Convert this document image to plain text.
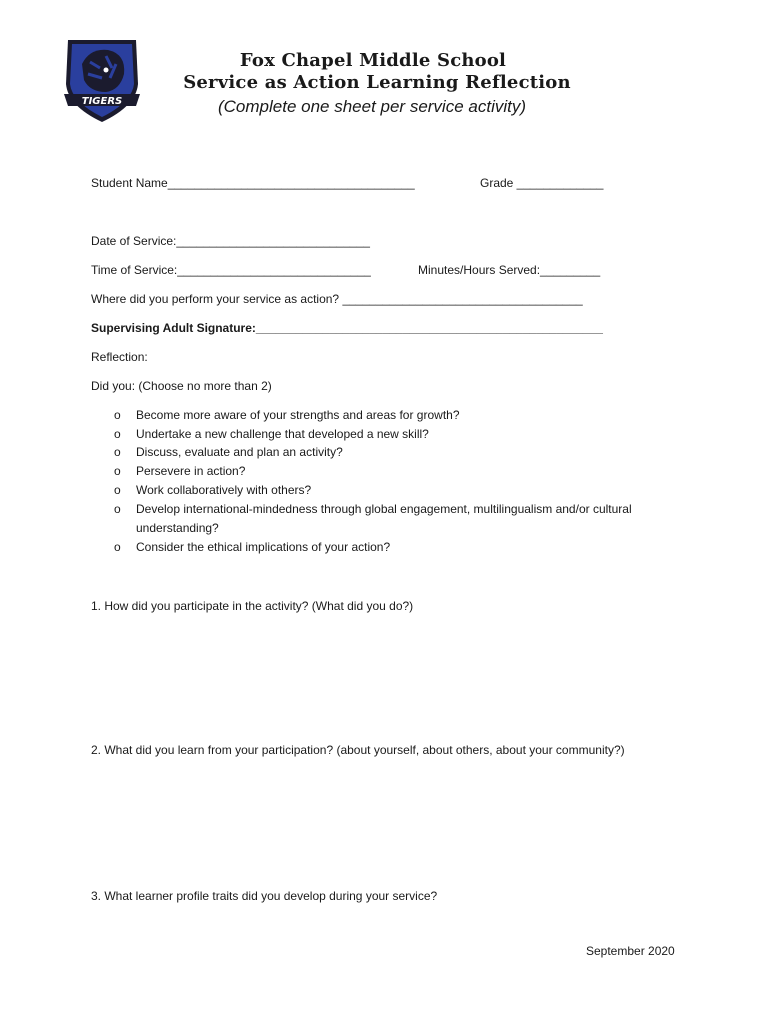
TIGERS
Fox Chapel Middle School
Service as Action Learning Reflection
(Complete one sheet per service activity)
Student Name_____________________________________	Grade _____________
Date of Service:_____________________________
Time of Service:_____________________________	Minutes/Hours Served:_________
Where did you perform your service as action? ____________________________________
Supervising Adult Signature:____________________________________________________
Reflection:
Did you: (Choose no more than 2)
o Become more aware of your strengths and areas for growth?
o Undertake a new challenge that developed a new skill?
o Discuss, evaluate and plan an activity?
o Persevere in action?
o Work collaboratively with others?
o Develop international-mindedness through global engagement, multilingualism and/or cultural
understanding?
o Consider the ethical implications of your action?
1. How did you participate in the activity? (What did you do?)
2. What did you learn from your participation? (about yourself, about others, about your community?)
3. What learner profile traits did you develop during your service?
September 2020
